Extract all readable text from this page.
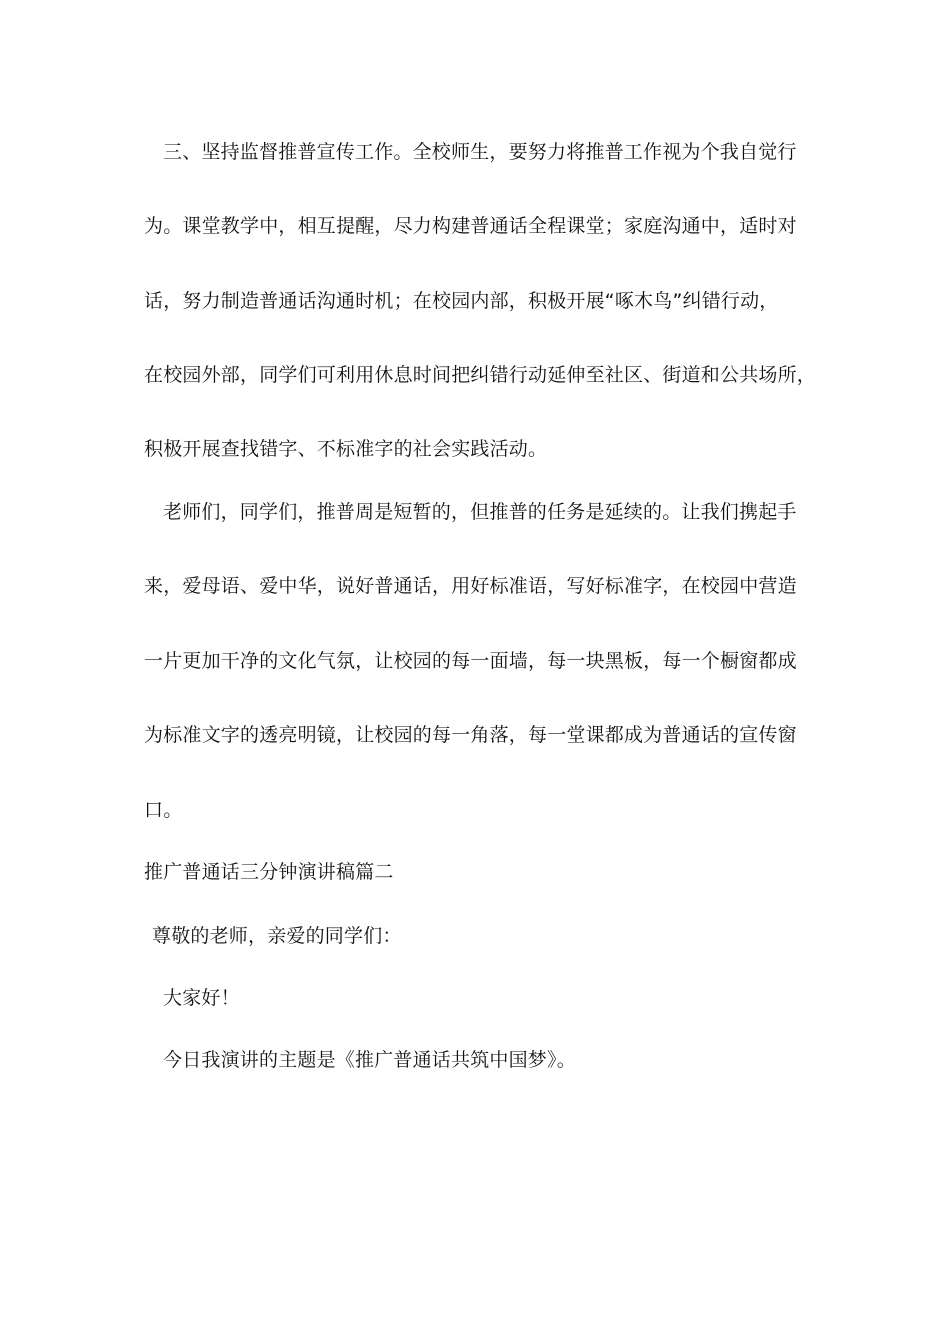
三、坚持监督推普宣传工作。全校师生，要努力将推普工作视为个我自觉行
为。课堂教学中，相互提醒，尽力构建普通话全程课堂；家庭沟通中，适时对
话，努力制造普通话沟通时机；在校园内部，积极开展“啄木鸟”纠错行动，
在校园外部，同学们可利用休息时间把纠错行动延伸至社区、街道和公共场所，
积极开展查找错字、不标准字的社会实践活动。
老师们，同学们，推普周是短暂的，但推普的任务是延续的。让我们携起手
来，爱母语、爱中华，说好普通话，用好标准语，写好标准字，在校园中营造
一片更加干净的文化气氛，让校园的每一面墙，每一块黑板，每一个橱窗都成
为标准文字的透亮明镜，让校园的每一角落，每一堂课都成为普通话的宣传窗
口。
推广普通话三分钟演讲稿篇二
尊敬的老师，亲爱的同学们：
大家好！
今日我演讲的主题是《推广普通话共筑中国梦》。
